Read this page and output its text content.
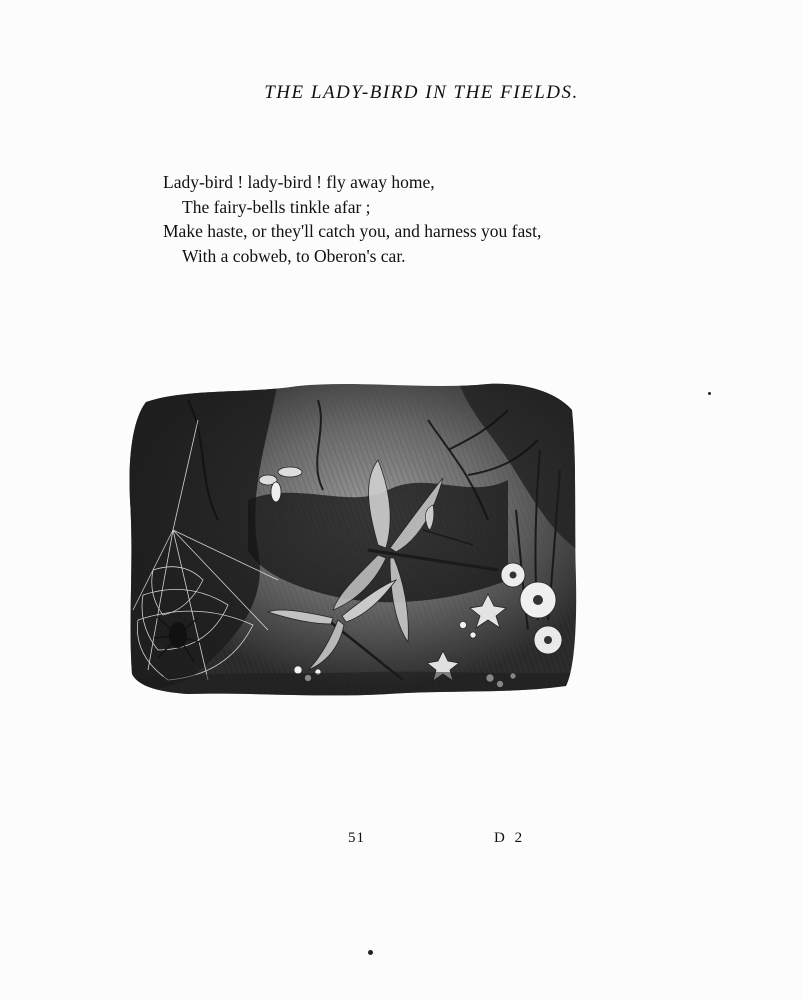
THE LADY-BIRD IN THE FIELDS.
Lady-bird ! lady-bird ! fly away home,
The fairy-bells tinkle afar ;
Make haste, or they'll catch you, and harness you fast,
With a cobweb, to Oberon's car.
51	D 2
